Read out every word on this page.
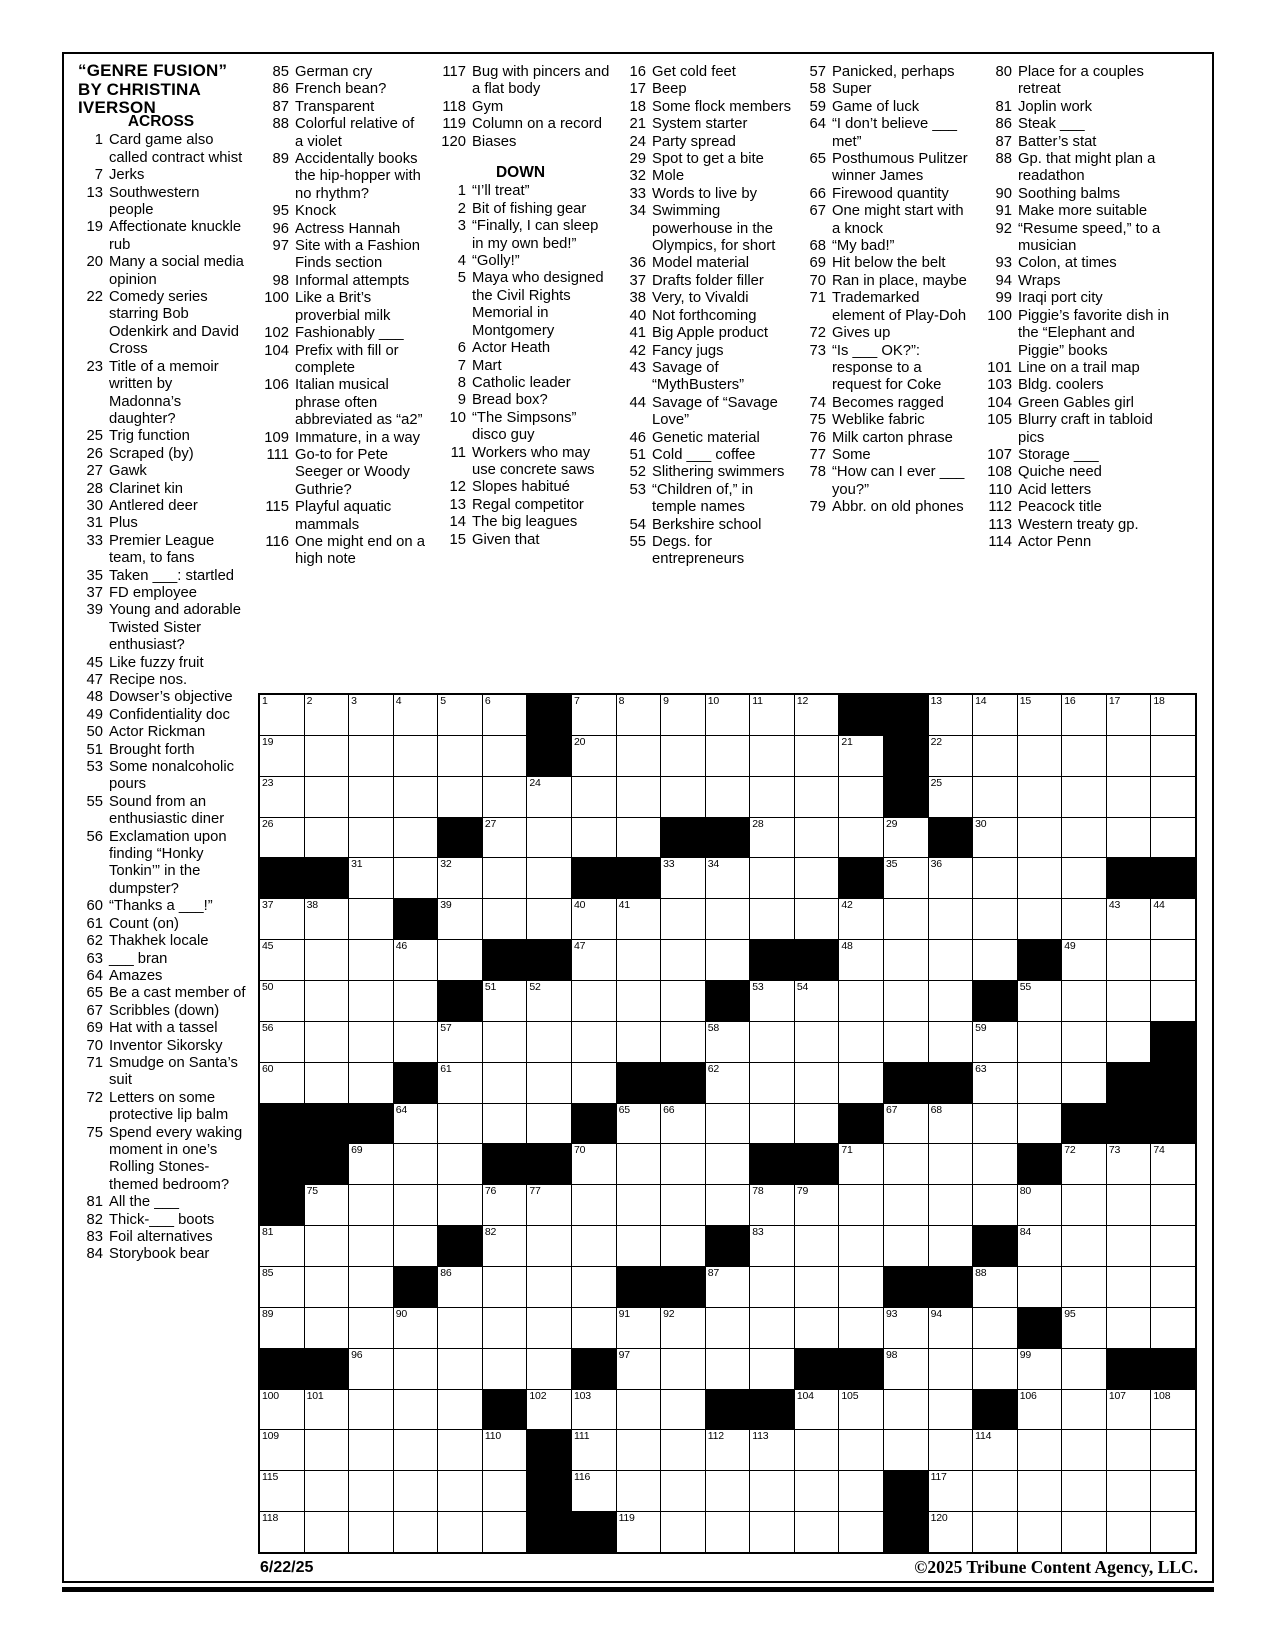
“GENRE FUSION”
BY CHRISTINA
IVERSON
ACROSS
1 Card game also called contract whist
7 Jerks
13 Southwestern people
19 Affectionate knuckle rub
20 Many a social media opinion
22 Comedy series starring Bob Odenkirk and David Cross
23 Title of a memoir written by Madonna’s daughter?
25 Trig function
26 Scraped (by)
27 Gawk
28 Clarinet kin
30 Antlered deer
31 Plus
33 Premier League team, to fans
35 Taken ___: startled
37 FD employee
39 Young and adorable Twisted Sister enthusiast?
45 Like fuzzy fruit
47 Recipe nos.
48 Dowser’s objective
49 Confidentiality doc
50 Actor Rickman
51 Brought forth
53 Some nonalcoholic pours
55 Sound from an enthusiastic diner
56 Exclamation upon finding “Honky Tonkin’” in the dumpster?
60 “Thanks a ___!”
61 Count (on)
62 Thakhek locale
63 ___ bran
64 Amazes
65 Be a cast member of
67 Scribbles (down)
69 Hat with a tassel
70 Inventor Sikorsky
71 Smudge on Santa’s suit
72 Letters on some protective lip balm
75 Spend every waking moment in one’s Rolling Stones-themed bedroom?
81 All the ___
82 Thick-___ boots
83 Foil alternatives
84 Storybook bear
85 German cry
86 French bean?
87 Transparent
88 Colorful relative of a violet
89 Accidentally books the hip-hopper with no rhythm?
95 Knock
96 Actress Hannah
97 Site with a Fashion Finds section
98 Informal attempts
100 Like a Brit’s proverbial milk
102 Fashionably ___
104 Prefix with fill or complete
106 Italian musical phrase often abbreviated as “a2”
109 Immature, in a way
111 Go-to for Pete Seeger or Woody Guthrie?
115 Playful aquatic mammals
116 One might end on a high note
117 Bug with pincers and a flat body
118 Gym
119 Column on a record
120 Biases
DOWN
1 “I’ll treat”
2 Bit of fishing gear
3 “Finally, I can sleep in my own bed!”
4 “Golly!”
5 Maya who designed the Civil Rights Memorial in Montgomery
6 Actor Heath
7 Mart
8 Catholic leader
9 Bread box?
10 “The Simpsons” disco guy
11 Workers who may use concrete saws
12 Slopes habitué
13 Regal competitor
14 The big leagues
15 Given that
16 Get cold feet
17 Beep
18 Some flock members
21 System starter
24 Party spread
29 Spot to get a bite
32 Mole
33 Words to live by
34 Swimming powerhouse in the Olympics, for short
36 Model material
37 Drafts folder filler
38 Very, to Vivaldi
40 Not forthcoming
41 Big Apple product
42 Fancy jugs
43 Savage of “MythBusters”
44 Savage of “Savage Love”
46 Genetic material
51 Cold ___ coffee
52 Slithering swimmers
53 “Children of,” in temple names
54 Berkshire school
55 Degs. for entrepreneurs
57 Panicked, perhaps
58 Super
59 Game of luck
64 “I don’t believe ___ met”
65 Posthumous Pulitzer winner James
66 Firewood quantity
67 One might start with a knock
68 “My bad!”
69 Hit below the belt
70 Ran in place, maybe
71 Trademarked element of Play-Doh
72 Gives up
73 “Is ___ OK?”: response to a request for Coke
74 Becomes ragged
75 Weblike fabric
76 Milk carton phrase
77 Some
78 “How can I ever ___ you?”
79 Abbr. on old phones
80 Place for a couples retreat
81 Joplin work
86 Steak ___
87 Batter’s stat
88 Gp. that might plan a readathon
90 Soothing balms
91 Make more suitable
92 “Resume speed,” to a musician
93 Colon, at times
94 Wraps
99 Iraqi port city
100 Piggie’s favorite dish in the “Elephant and Piggie” books
101 Line on a trail map
103 Bldg. coolers
104 Green Gables girl
105 Blurry craft in tabloid pics
107 Storage ___
108 Quiche need
110 Acid letters
112 Peacock title
113 Western treaty gp.
114 Actor Penn
1	2	3	4	5	6	7	8	9	10	11	12	13	14	15	16	17	18
19	20	21	22
23	24	25
26	27	28	29	30
31	32	33	34	35	36
37	38	39	40	41	42	43	44
45	46	47	48	49
50	51	52	53	54	55
56	57	58	59
60	61	62	63
64	65	66	67	68
69	70	71	72	73	74
75	76	77	78	79	80
81	82	83	84
85	86	87	88
89	90	91	92	93	94	95
96	97	98	99
100	101	102	103	104	105	106	107	108
109	110	111	112	113	114
115	116	117
118	119	120
6/22/25	©2025 Tribune Content Agency, LLC.
